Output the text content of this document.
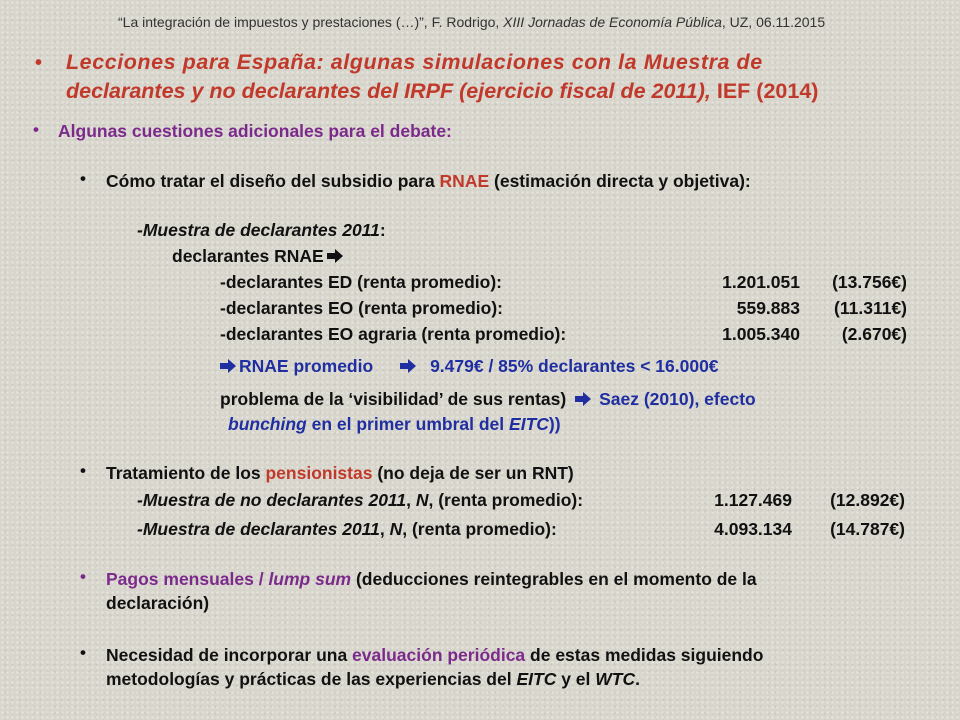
“La integración de impuestos y prestaciones (…)”, F. Rodrigo, XIII Jornadas de Economía Pública, UZ, 06.11.2015
• Lecciones para España: algunas simulaciones con la Muestra de
declarantes y no declarantes del IRPF (ejercicio fiscal de 2011), IEF (2014)
• Algunas cuestiones adicionales para el debate:
• Cómo tratar el diseño del subsidio para RNAE (estimación directa y objetiva):
-Muestra de declarantes 2011:
declarantes RNAE
-declarantes ED (renta promedio):	1.201.051 (13.756€)
-declarantes EO (renta promedio):	559.883 (11.311€)
-declarantes EO agraria (renta promedio):	1.005.340 (2.670€)
RNAE promedio	9.479€ / 85% declarantes < 16.000€
problema de la ‘visibilidad’ de sus rentas) Saez (2010), efecto
bunching en el primer umbral del EITC))
• Tratamiento de los pensionistas (no deja de ser un RNT)
-Muestra de no declarantes 2011, N, (renta promedio):	1.127.469 (12.892€)
-Muestra de declarantes 2011, N, (renta promedio):	4.093.134 (14.787€)
• Pagos mensuales / lump sum (deducciones reintegrables en el momento de la
declaración)
• Necesidad de incorporar una evaluación periódica de estas medidas siguiendo
metodologías y prácticas de las experiencias del EITC y el WTC.
